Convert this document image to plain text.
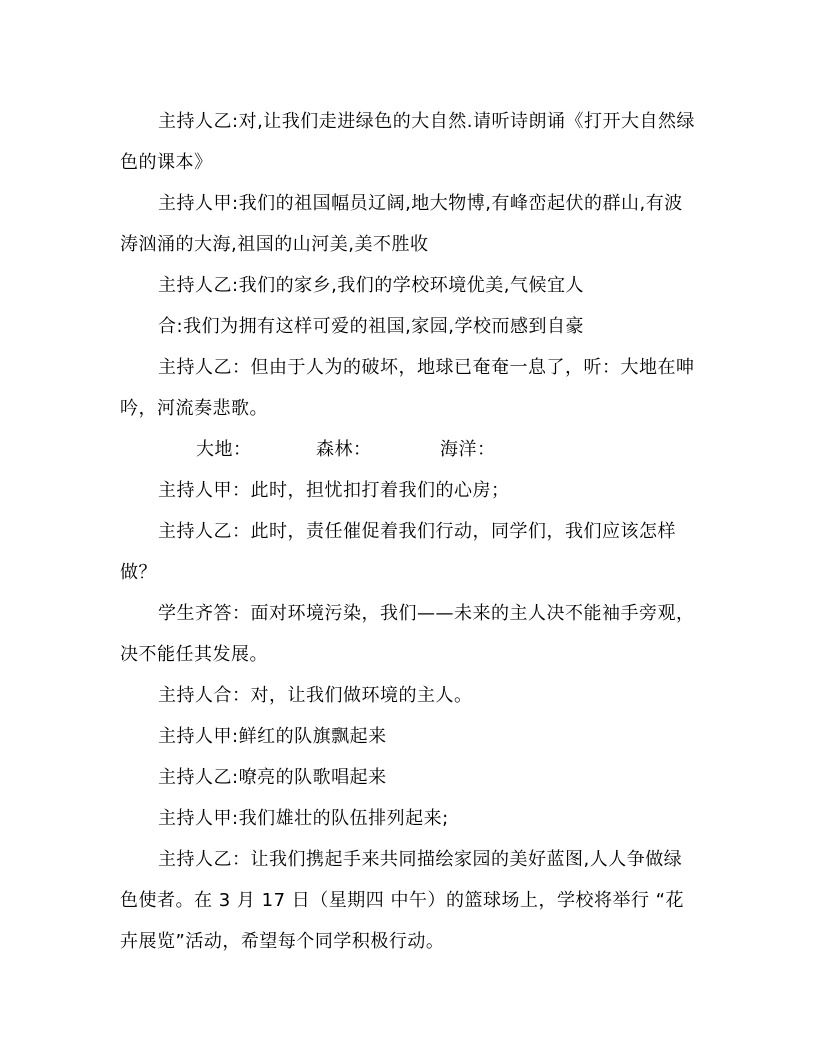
主持人乙:对,让我们走进绿色的大自然.请听诗朗诵《打开大自然绿色的课本》

主持人甲:我们的祖国幅员辽阔,地大物博,有峰峦起伏的群山,有波涛汹涌的大海,祖国的山河美,美不胜收

主持人乙:我们的家乡,我们的学校环境优美,气候宜人

合:我们为拥有这样可爱的祖国,家园,学校而感到自豪

主持人乙：但由于人为的破坏，地球已奄奄一息了，听：大地在呻吟，河流奏悲歌。

大地：	森林：	海洋：

主持人甲：此时，担忧扣打着我们的心房；

主持人乙：此时，责任催促着我们行动，同学们，我们应该怎样做？

学生齐答：面对环境污染，我们——未来的主人决不能袖手旁观，决不能任其发展。

主持人合：对，让我们做环境的主人。

主持人甲:鲜红的队旗飘起来

主持人乙:嘹亮的队歌唱起来

主持人甲:我们雄壮的队伍排列起来;

主持人乙：让我们携起手来共同描绘家园的美好蓝图,人人争做绿色使者。在 3 月 17 日（星期四 中午）的篮球场上，学校将举行 “花卉展览”活动，希望每个同学积极行动。
